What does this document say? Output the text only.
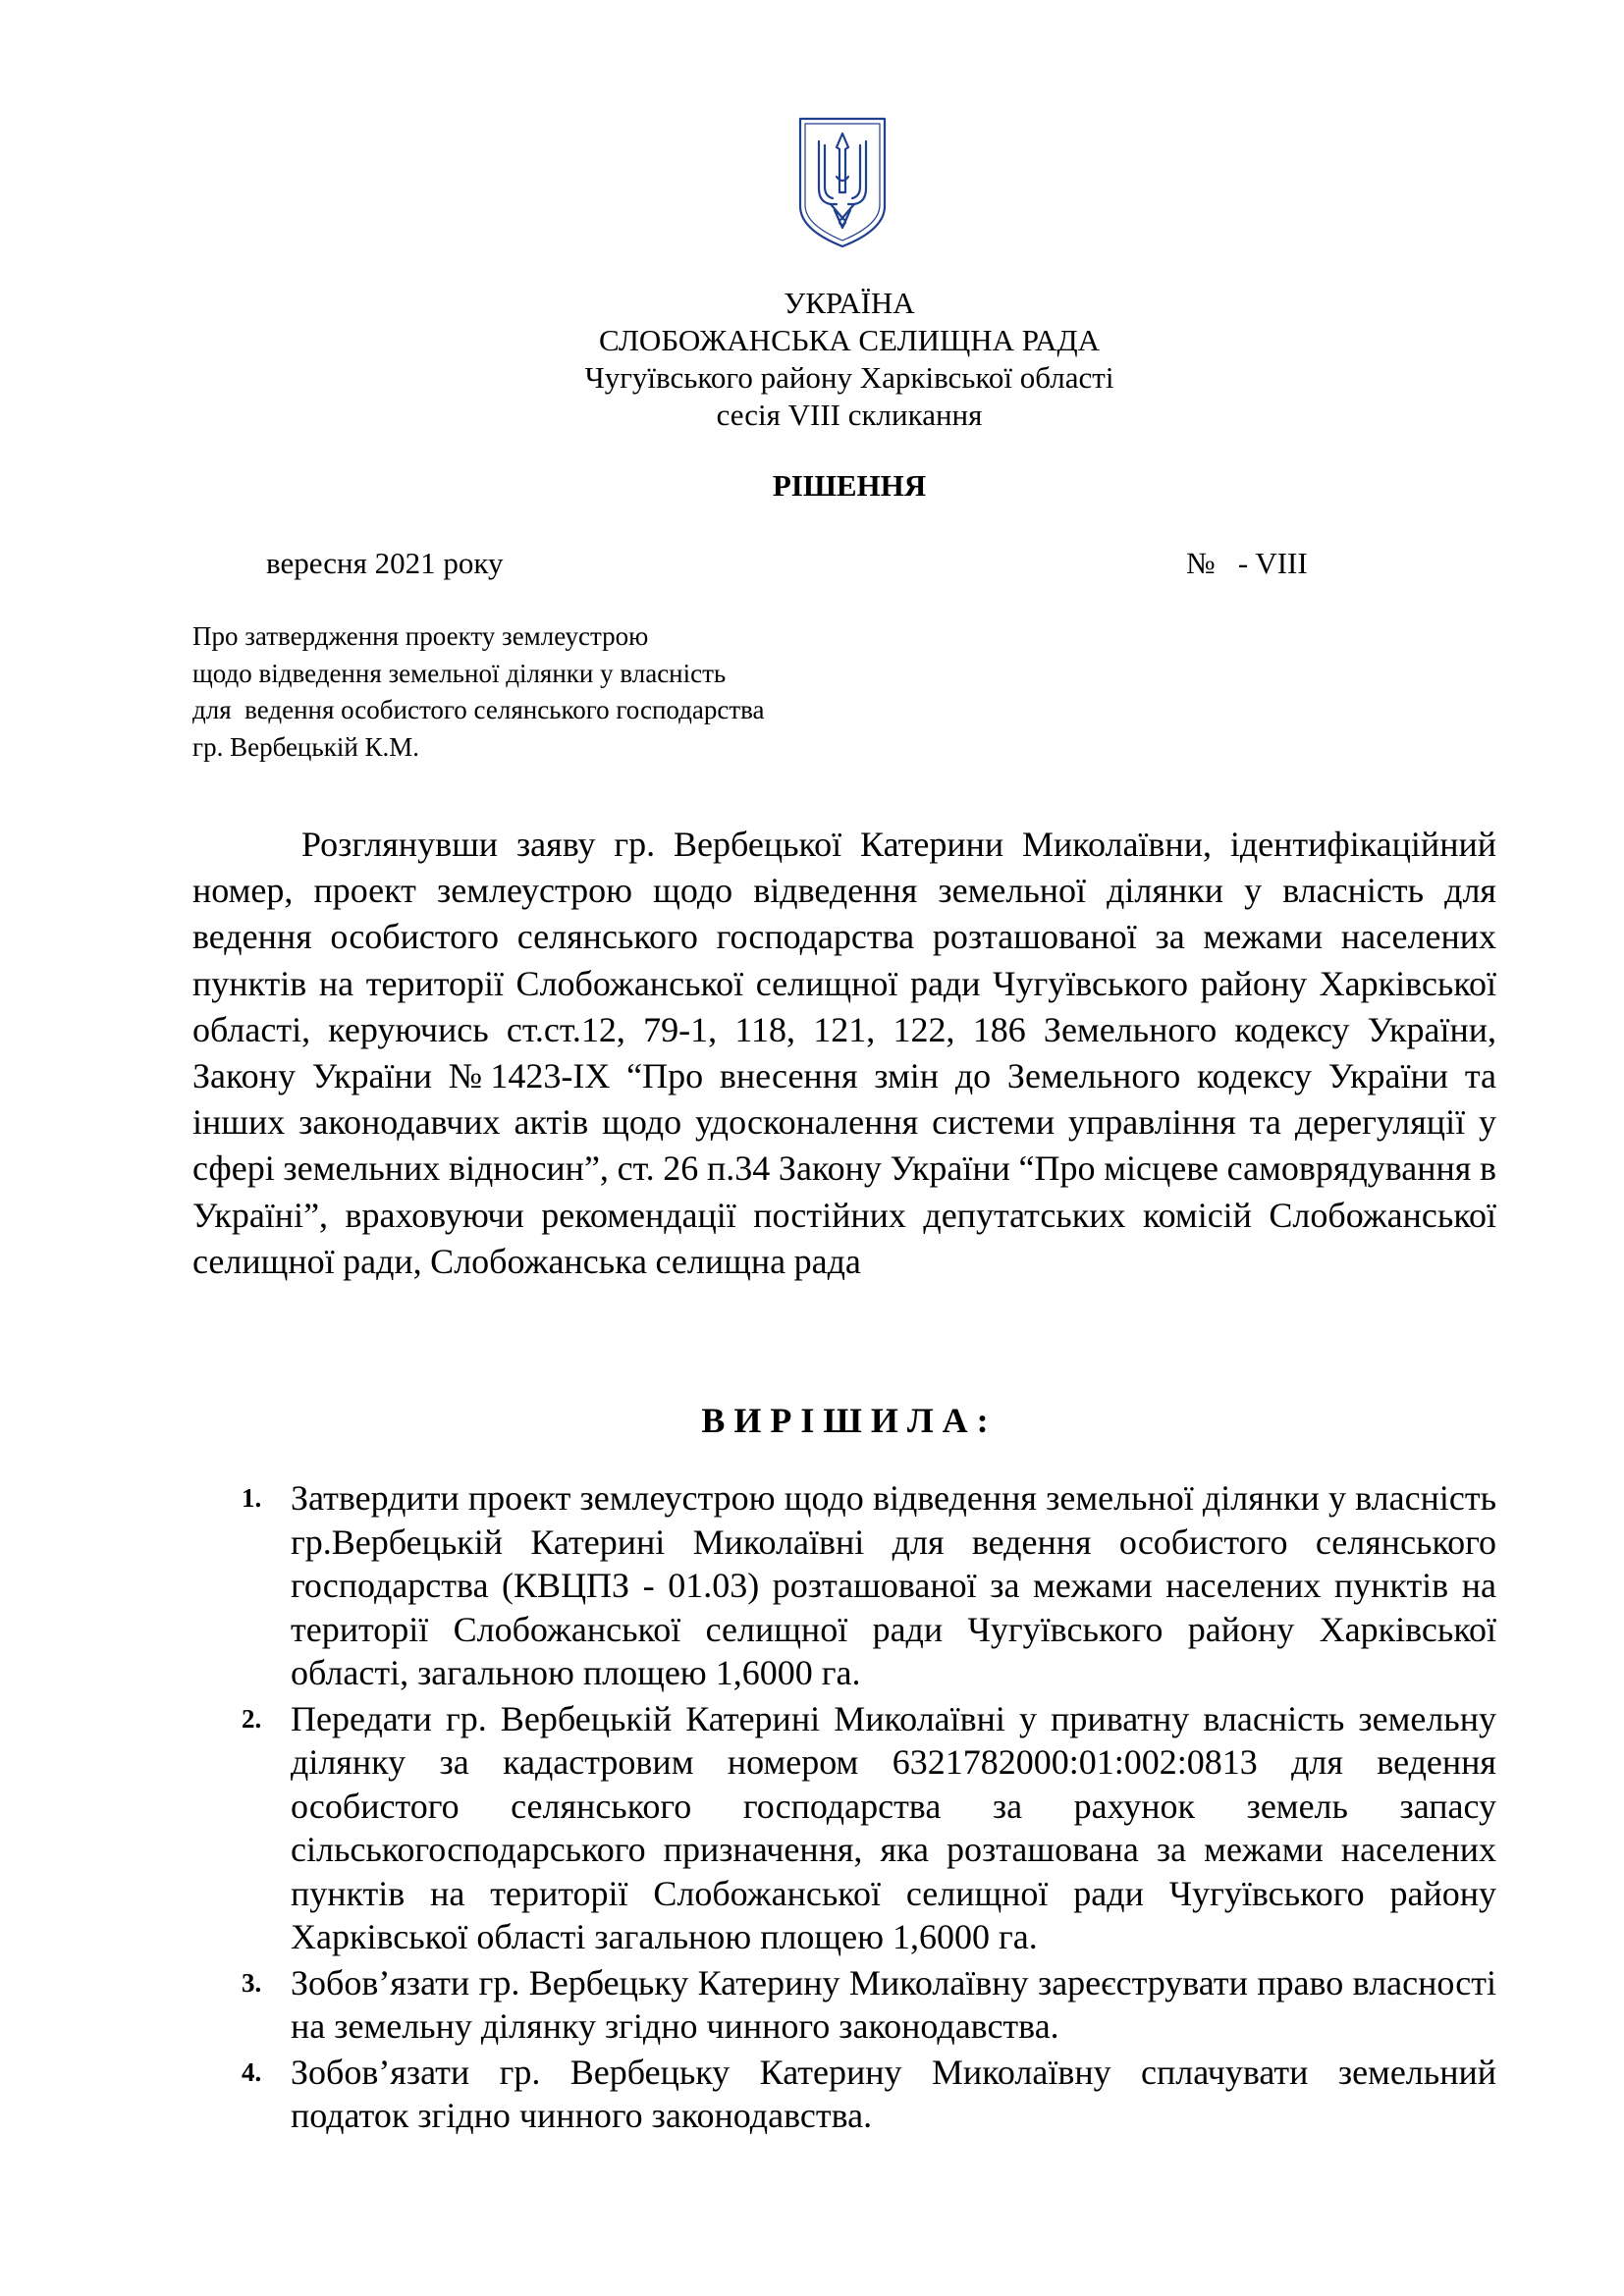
УКРАЇНА
СЛОБОЖАНСЬКА СЕЛИЩНА РАДА
Чугуївського району Харківської області
сесія VIII скликання
РІШЕННЯ
вересня 2021 року	№   - VIII
Про затвердження проекту землеустрою
щодо відведення земельної ділянки у власність
для  ведення особистого селянського господарства
гр. Вербецькій К.М.

Розглянувши заяву гр. Вербецької Катерини Миколаївни, ідентифікаційний номер, проект землеустрою щодо відведення земельної ділянки у власність для ведення особистого селянського господарства розташованої за межами населених пунктів на території Слобожанської селищної ради Чугуївського району Харківської області, керуючись ст.ст.12, 79-1, 118, 121, 122, 186 Земельного кодексу України, Закону України №1423-IX “Про внесення змін до Земельного кодексу України та інших законодавчих актів щодо удосконалення системи управління та дерегуляції у сфері земельних відносин”, ст. 26 п.34 Закону України “Про місцеве самоврядування в Україні”, враховуючи рекомендації постійних депутатських комісій Слобожанської селищної ради, Слобожанська селищна рада

ВИРІШИЛА:
1. Затвердити проект землеустрою щодо відведення земельної ділянки у власність гр.Вербецькій Катерині Миколаївні для ведення особистого селянського господарства (КВЦПЗ - 01.03) розташованої за межами населених пунктів на території Слобожанської селищної ради Чугуївського району Харківської області, загальною площею 1,6000 га.
2. Передати гр. Вербецькій Катерині Миколаївні у приватну власність земельну ділянку за кадастровим номером 6321782000:01:002:0813 для ведення особистого селянського господарства за рахунок земель запасу сільськогосподарського призначення, яка розташована за межами населених пунктів на території Слобожанської селищної ради Чугуївського району Харківської області загальною площею 1,6000 га.
3. Зобов’язати гр. Вербецьку Катерину Миколаївну зареєструвати право власності на земельну ділянку згідно чинного законодавства.
4. Зобов’язати гр. Вербецьку Катерину Миколаївну сплачувати земельний податок згідно чинного законодавства.
